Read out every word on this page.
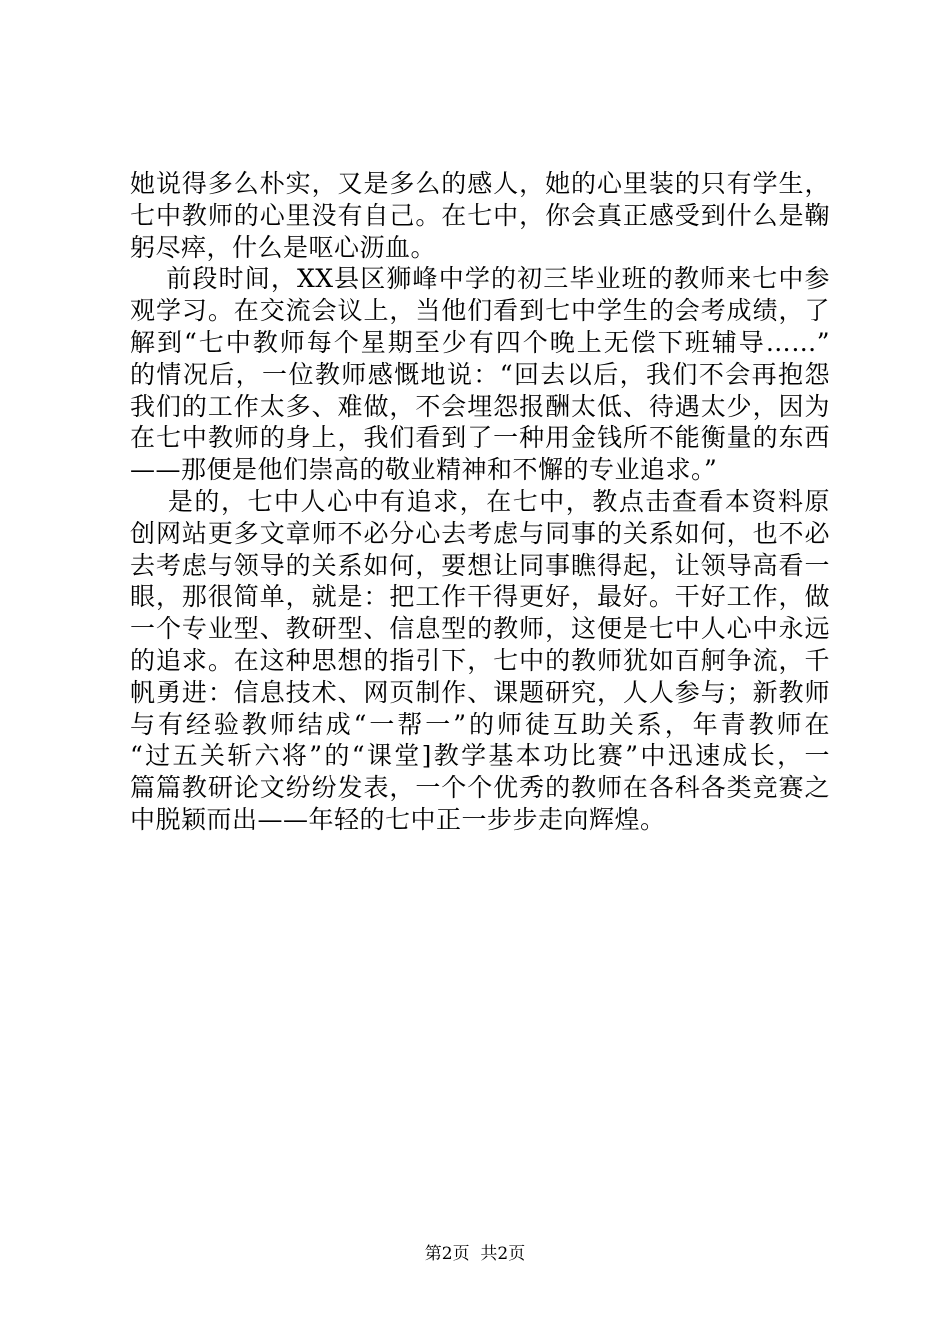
她说得多么朴实，又是多么的感人，她的心里装的只有学生，
七中教师的心里没有自己。在七中，你会真正感受到什么是鞠
躬尽瘁，什么是呕心沥血。
前段时间，XX县区狮峰中学的初三毕业班的教师来七中参
观学习。在交流会议上，当他们看到七中学生的会考成绩，了
解到“七中教师每个星期至少有四个晚上无偿下班辅导……”
的情况后，一位教师感慨地说：“回去以后，我们不会再抱怨
我们的工作太多、难做，不会埋怨报酬太低、待遇太少，因为
在七中教师的身上，我们看到了一种用金钱所不能衡量的东西
——那便是他们崇高的敬业精神和不懈的专业追求。”
是的，七中人心中有追求，在七中，教点击查看本资料原
创网站更多文章师不必分心去考虑与同事的关系如何，也不必
去考虑与领导的关系如何，要想让同事瞧得起，让领导高看一
眼，那很简单，就是：把工作干得更好，最好。干好工作，做
一个专业型、教研型、信息型的教师，这便是七中人心中永远
的追求。在这种思想的指引下，七中的教师犹如百舸争流，千
帆勇进：信息技术、网页制作、课题研究，人人参与；新教师
与有经验教师结成“一帮一”的师徒互助关系，年青教师在
“过五关斩六将”的“课堂]教学基本功比赛”中迅速成长，一
篇篇教研论文纷纷发表，一个个优秀的教师在各科各类竞赛之
中脱颖而出——年轻的七中正一步步走向辉煌。
第2页  共2页
